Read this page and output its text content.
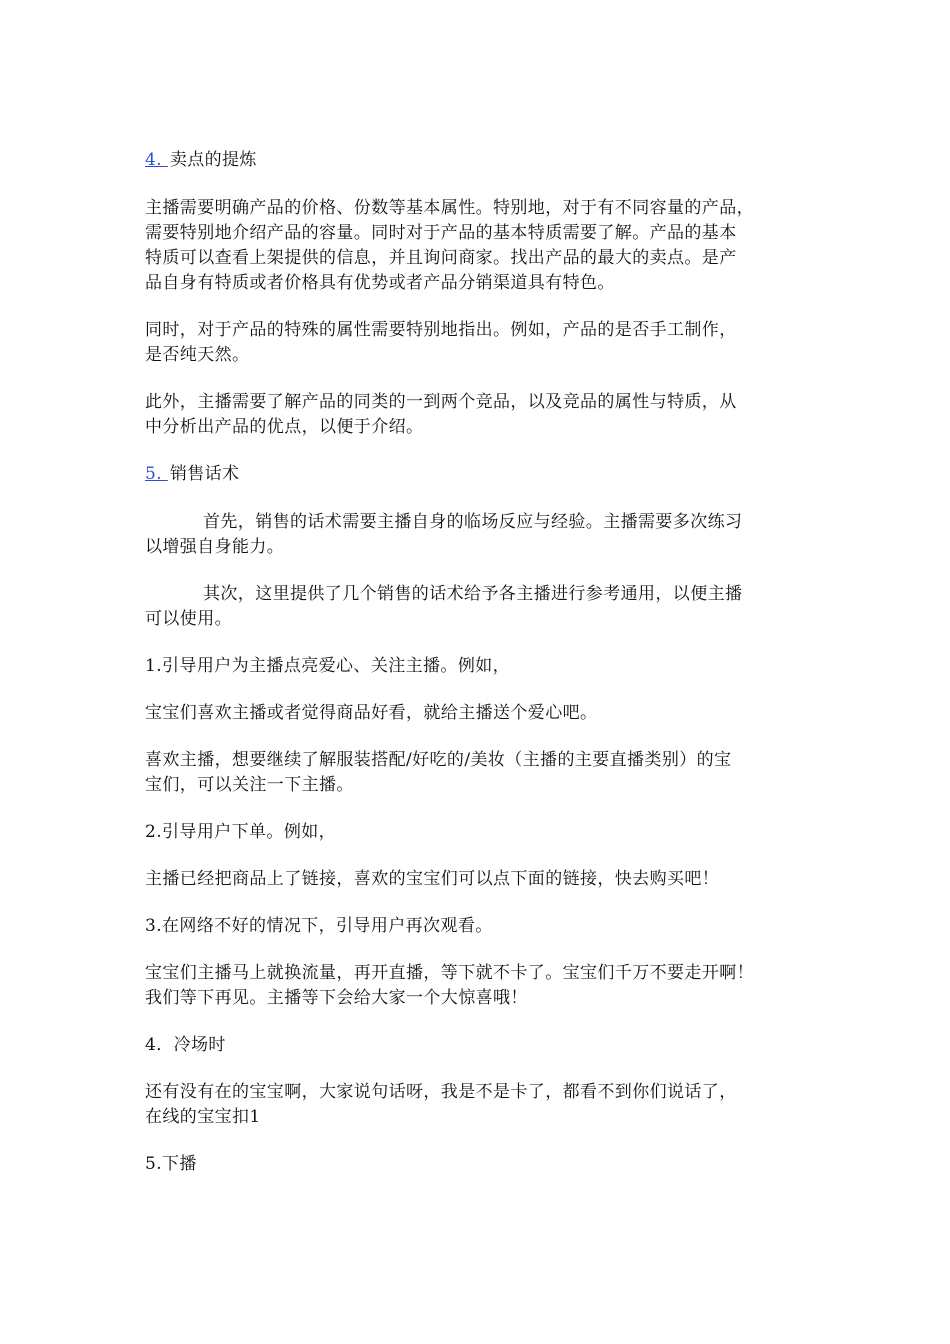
4. 卖点的提炼

主播需要明确产品的价格、份数等基本属性。特别地，对于有不同容量的产品，
需要特别地介绍产品的容量。同时对于产品的基本特质需要了解。产品的基本
特质可以查看上架提供的信息，并且询问商家。找出产品的最大的卖点。是产
品自身有特质或者价格具有优势或者产品分销渠道具有特色。

同时，对于产品的特殊的属性需要特别地指出。例如，产品的是否手工制作，
是否纯天然。

此外，主播需要了解产品的同类的一到两个竞品，以及竞品的属性与特质，从
中分析出产品的优点，以便于介绍。

5. 销售话术

首先，销售的话术需要主播自身的临场反应与经验。主播需要多次练习
以增强自身能力。

其次，这里提供了几个销售的话术给予各主播进行参考通用，以便主播
可以使用。

1.引导用户为主播点亮爱心、关注主播。例如，

宝宝们喜欢主播或者觉得商品好看，就给主播送个爱心吧。

喜欢主播，想要继续了解服装搭配/好吃的/美妆（主播的主要直播类别）的宝
宝们，可以关注一下主播。

2.引导用户下单。例如，

主播已经把商品上了链接，喜欢的宝宝们可以点下面的链接，快去购买吧！

3.在网络不好的情况下，引导用户再次观看。

宝宝们主播马上就换流量，再开直播，等下就不卡了。宝宝们千万不要走开啊！
我们等下再见。主播等下会给大家一个大惊喜哦！

4．冷场时

还有没有在的宝宝啊，大家说句话呀，我是不是卡了，都看不到你们说话了，
在线的宝宝扣1

5.下播
